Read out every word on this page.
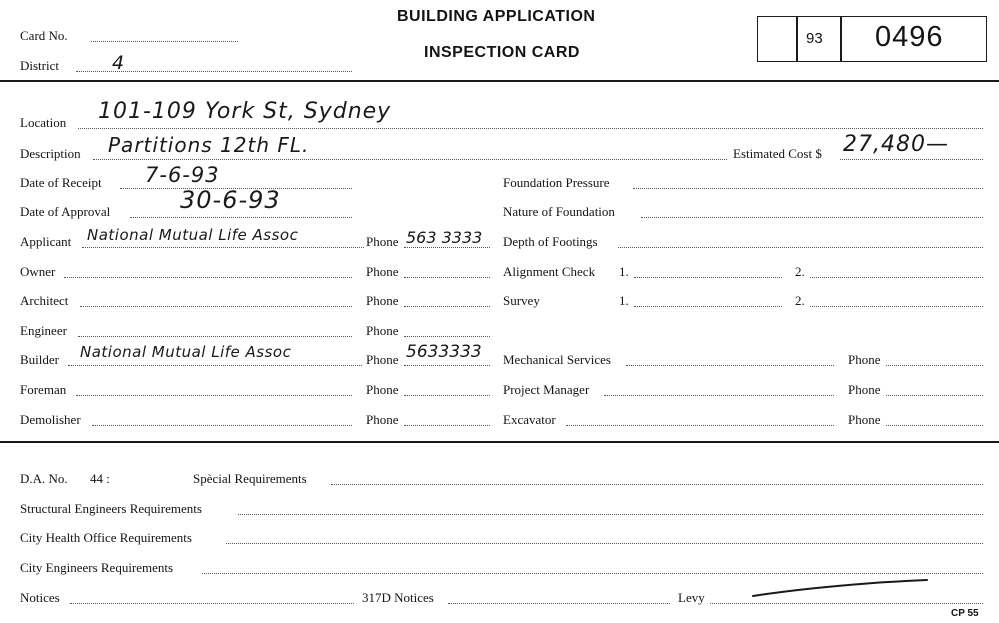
Card No.
District	4
BUILDING APPLICATION
INSPECTION CARD
93 0496
Location 101-109 York St, Sydney
Description Partitions 12th FL.	Estimated Cost $ 27,480—
Date of Receipt 7-6-93	Foundation Pressure
Date of Approval	30-6-93	Nature of Foundation
Applicant National Mutual Life Assoc	Phone 563 3333 Depth of Footings
Owner	Phone	Alignment Check 1.	2.
Architect	Phone	Survey	1.	2.
Engineer	Phone
Builder National Mutual Life Assoc	Phone 5633333 Mechanical Services	Phone
Foreman	Phone	Project Manager	Phone
Demolisher	Phone	Excavator	Phone
D.A. No. 44 :	Spècial Requirements
Structural Engineers Requirements
City Health Office Requirements
City Engineers Requirements
Notices	317D Notices	Levy
CP 55
